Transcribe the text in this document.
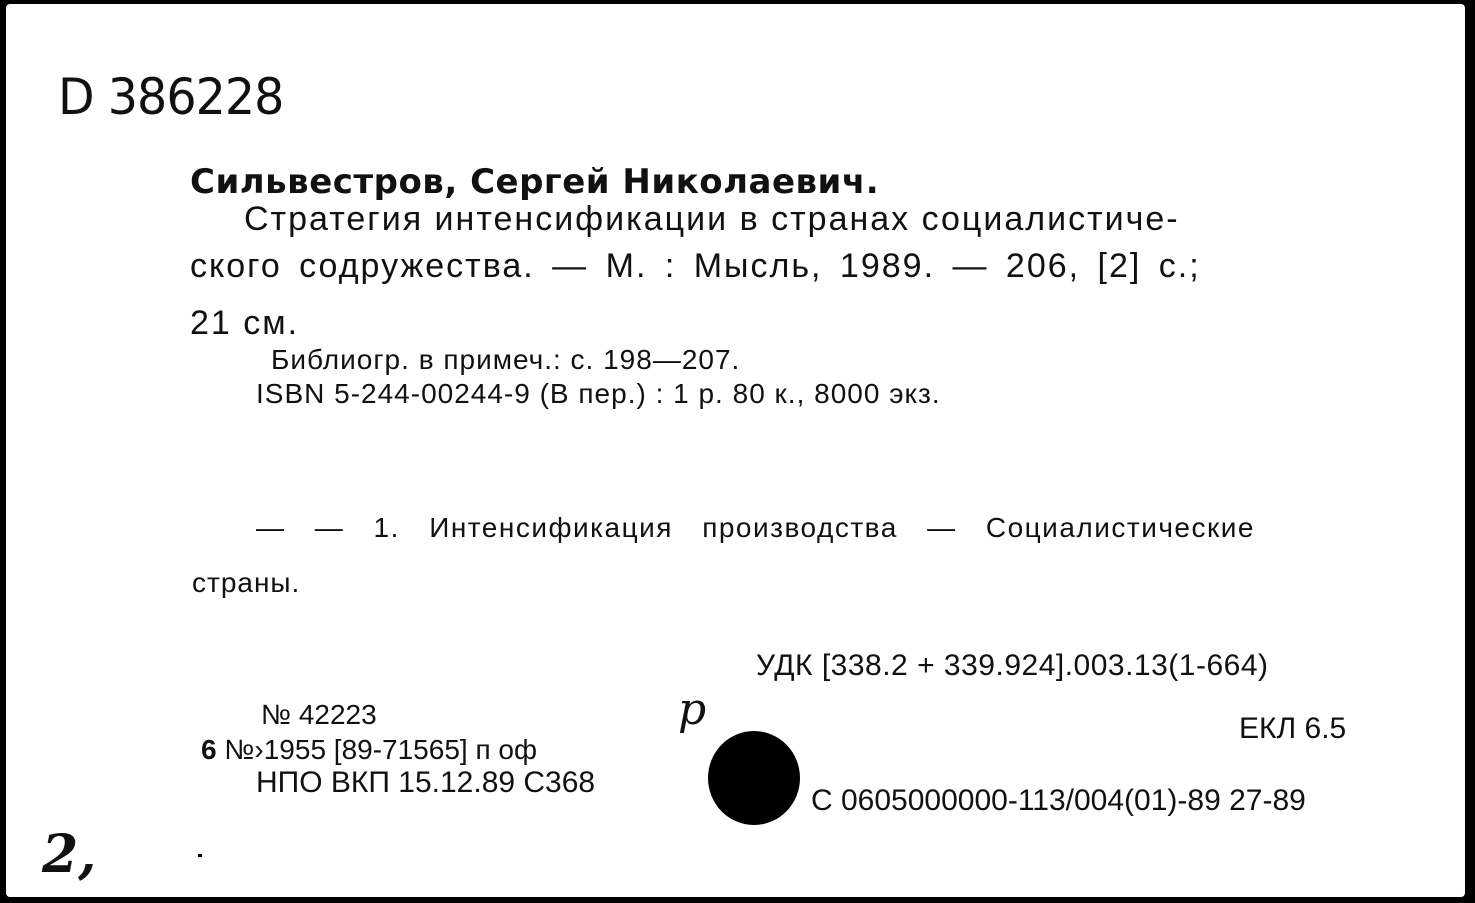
D 386228
Сильвестров, Сергей Николаевич.
Стратегия интенсификации в странах социалистиче-
ского содружества. — М. : Мысль, 1989. — 206, [2] с.;
21 см.
Библиогр. в примеч.: с. 198—207.
ISBN 5-244-00244-9 (В пер.) : 1 р. 80 к., 8000 экз.
— — 1. Интенсификация производства — Социалистические
страны.
УДК [338.2 + 339.924].003.13(1-664)
№ 42223	ЕКЛ 6.5
6 №›1955 [89-71565] п оф
НПО ВКП 15.12.89 С368
р
С 0605000000-113/004(01)-89 27-89
2,
